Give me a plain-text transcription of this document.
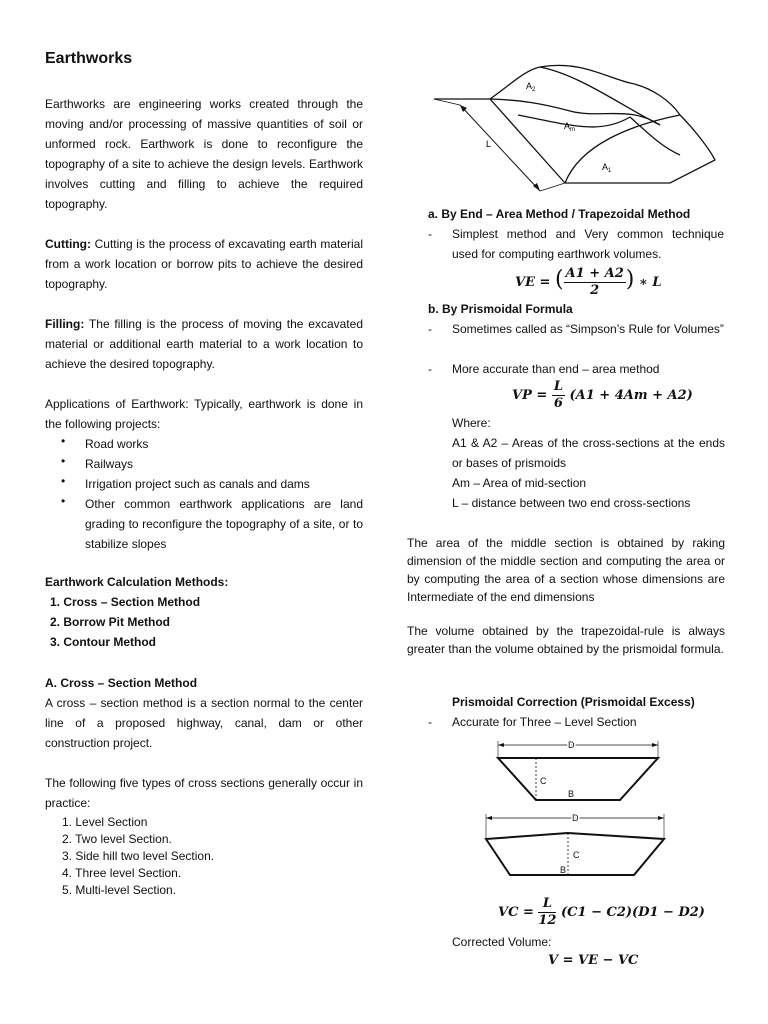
Earthworks
Earthworks are engineering works created through the moving and/or processing of massive quantities of soil or unformed rock. Earthwork is done to reconfigure the topography of a site to achieve the design levels. Earthwork involves cutting and filling to achieve the required topography.
Cutting: Cutting is the process of excavating earth material from a work location or borrow pits to achieve the desired topography.
Filling: The filling is the process of moving the excavated material or additional earth material to a work location to achieve the desired topography.
Applications of Earthwork: Typically, earthwork is done in the following projects:
• Road works
• Railways
• Irrigation project such as canals and dams
• Other common earthwork applications are land grading to reconfigure the topography of a site, or to stabilize slopes
Earthwork Calculation Methods:
1. Cross – Section Method
2. Borrow Pit Method
3. Contour Method
A. Cross – Section Method
A cross – section method is a section normal to the center line of a proposed highway, canal, dam or other construction project.
The following five types of cross sections generally occur in practice:
1. Level Section
2. Two level Section.
3. Side hill two level Section.
4. Three level Section.
5. Multi-level Section.
$A_2$
$A_m$
$A_1$
L
a. By End – Area Method / Trapezoidal Method
- Simplest method and Very common technique used for computing earthwork volumes.
VE = ( $\frac{A1 + A2}{2}$ ) ∗ L
b. By Prismoidal Formula
- Sometimes called as “Simpson’s Rule for Volumes”
- More accurate than end – area method
VP = $\frac{L}{6} (A1 + 4Am + A2)$
Where:
A1 & A2 – Areas of the cross-sections at the ends or bases of prismoids
Am – Area of mid-section
L – distance between two end cross-sections
The area of the middle section is obtained by raking dimension of the middle section and computing the area or by computing the area of a section whose dimensions are Intermediate of the end dimensions
The volume obtained by the trapezoidal-rule is always greater than the volume obtained by the prismoidal formula.
Prismoidal Correction (Prismoidal Excess)
- Accurate for Three – Level Section
D
C
B
D
C
B
VC = $\frac{L}{12} (C1 - C2)(D1 - D2)$
Corrected Volume:
V = VE − VC
